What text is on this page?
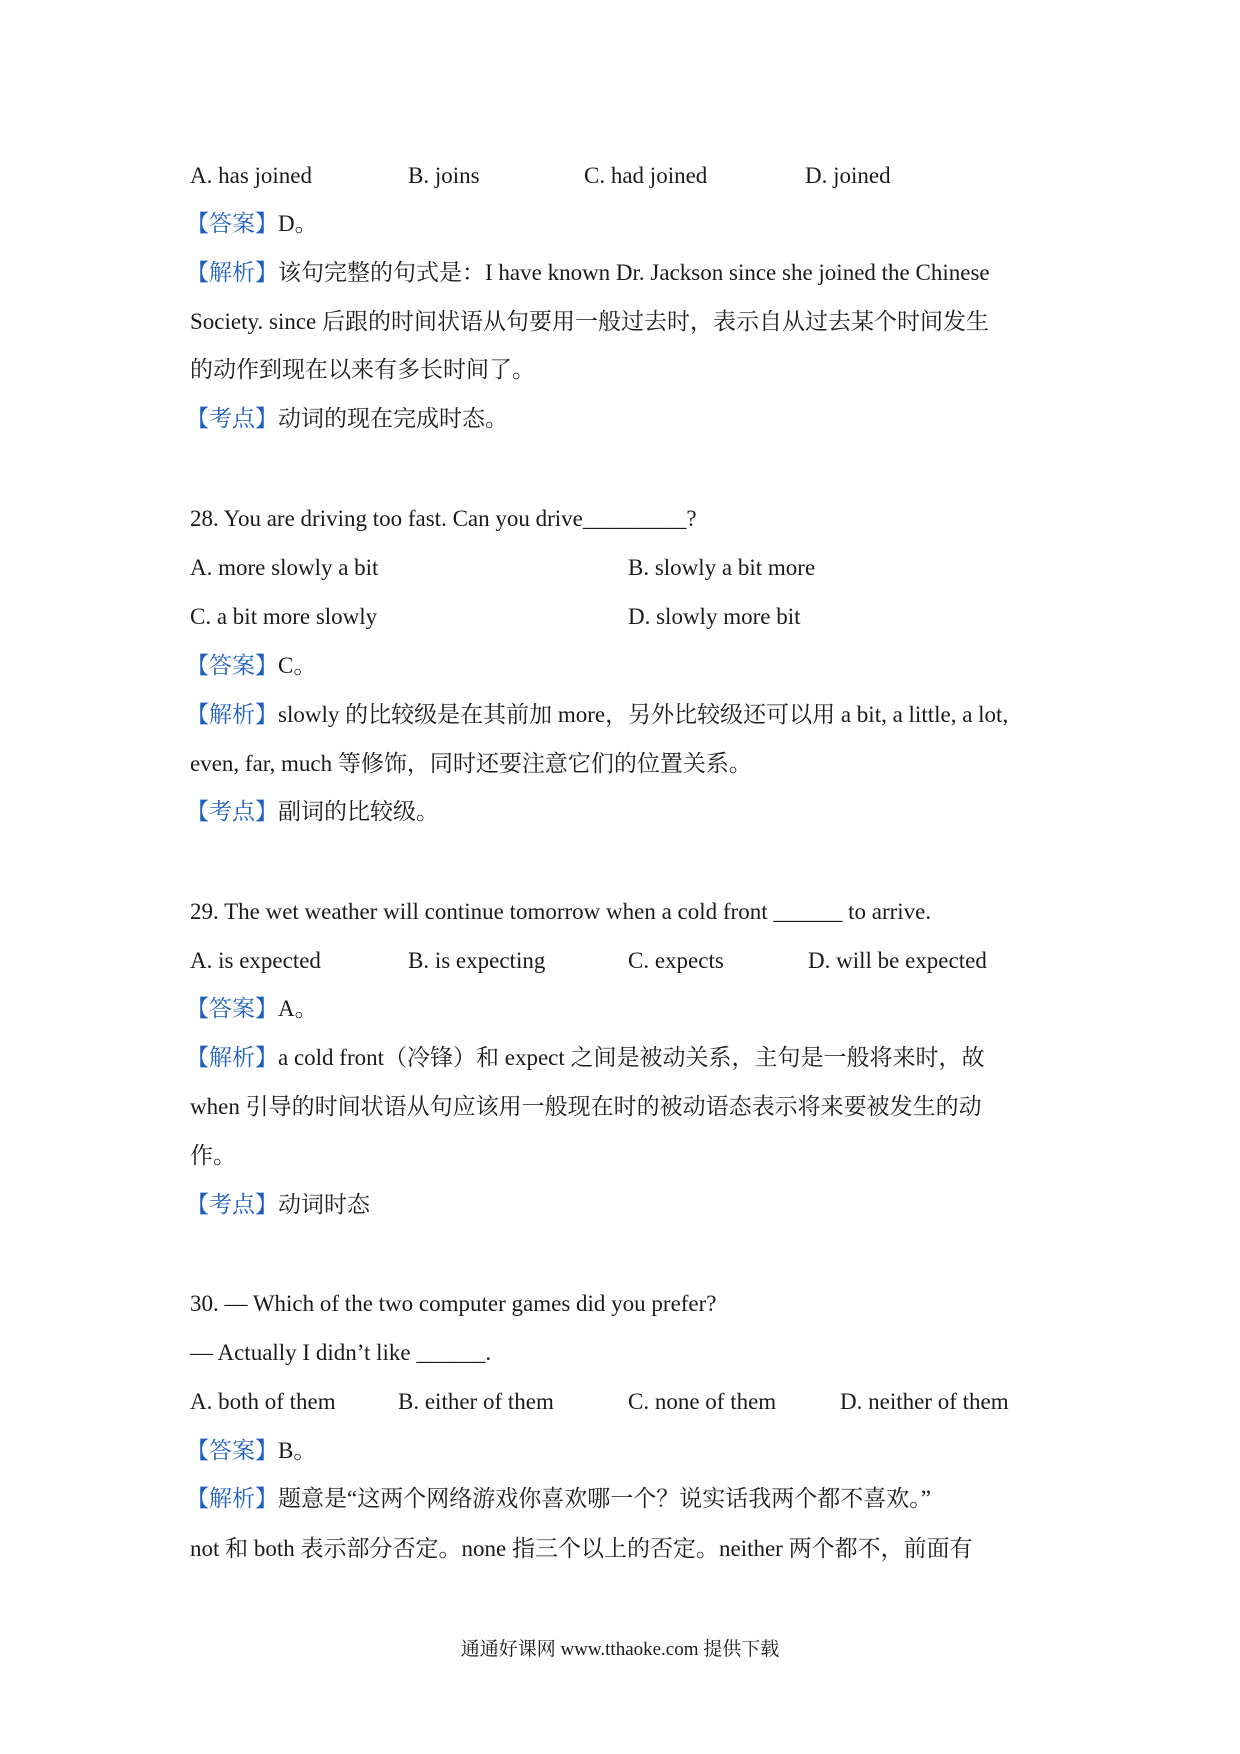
A. has joined	B. joins	C. had joined	D. joined
【答案】D。
【解析】该句完整的句式是：I have known Dr. Jackson since she joined the Chinese
Society. since 后跟的时间状语从句要用一般过去时，表示自从过去某个时间发生
的动作到现在以来有多长时间了。
【考点】动词的现在完成时态。
28. You are driving too fast. Can you drive_________?
A. more slowly a bit	B. slowly a bit more
C. a bit more slowly	D. slowly more bit
【答案】C。
【解析】slowly 的比较级是在其前加 more，另外比较级还可以用 a bit, a little, a lot,
even, far, much 等修饰，同时还要注意它们的位置关系。
【考点】副词的比较级。
29. The wet weather will continue tomorrow when a cold front ______ to arrive.
A. is expected	B. is expecting	C. expects	D. will be expected
【答案】A。
【解析】a cold front（冷锋）和 expect 之间是被动关系，主句是一般将来时，故
when 引导的时间状语从句应该用一般现在时的被动语态表示将来要被发生的动
作。
【考点】动词时态
30. — Which of the two computer games did you prefer?
— Actually I didn’t like ______.
A. both of them	B. either of them	C. none of them	D. neither of them
【答案】B。
【解析】题意是“这两个网络游戏你喜欢哪一个？说实话我两个都不喜欢。”
not 和 both 表示部分否定。none 指三个以上的否定。neither 两个都不，前面有
通通好课网 www.tthaoke.com 提供下载
